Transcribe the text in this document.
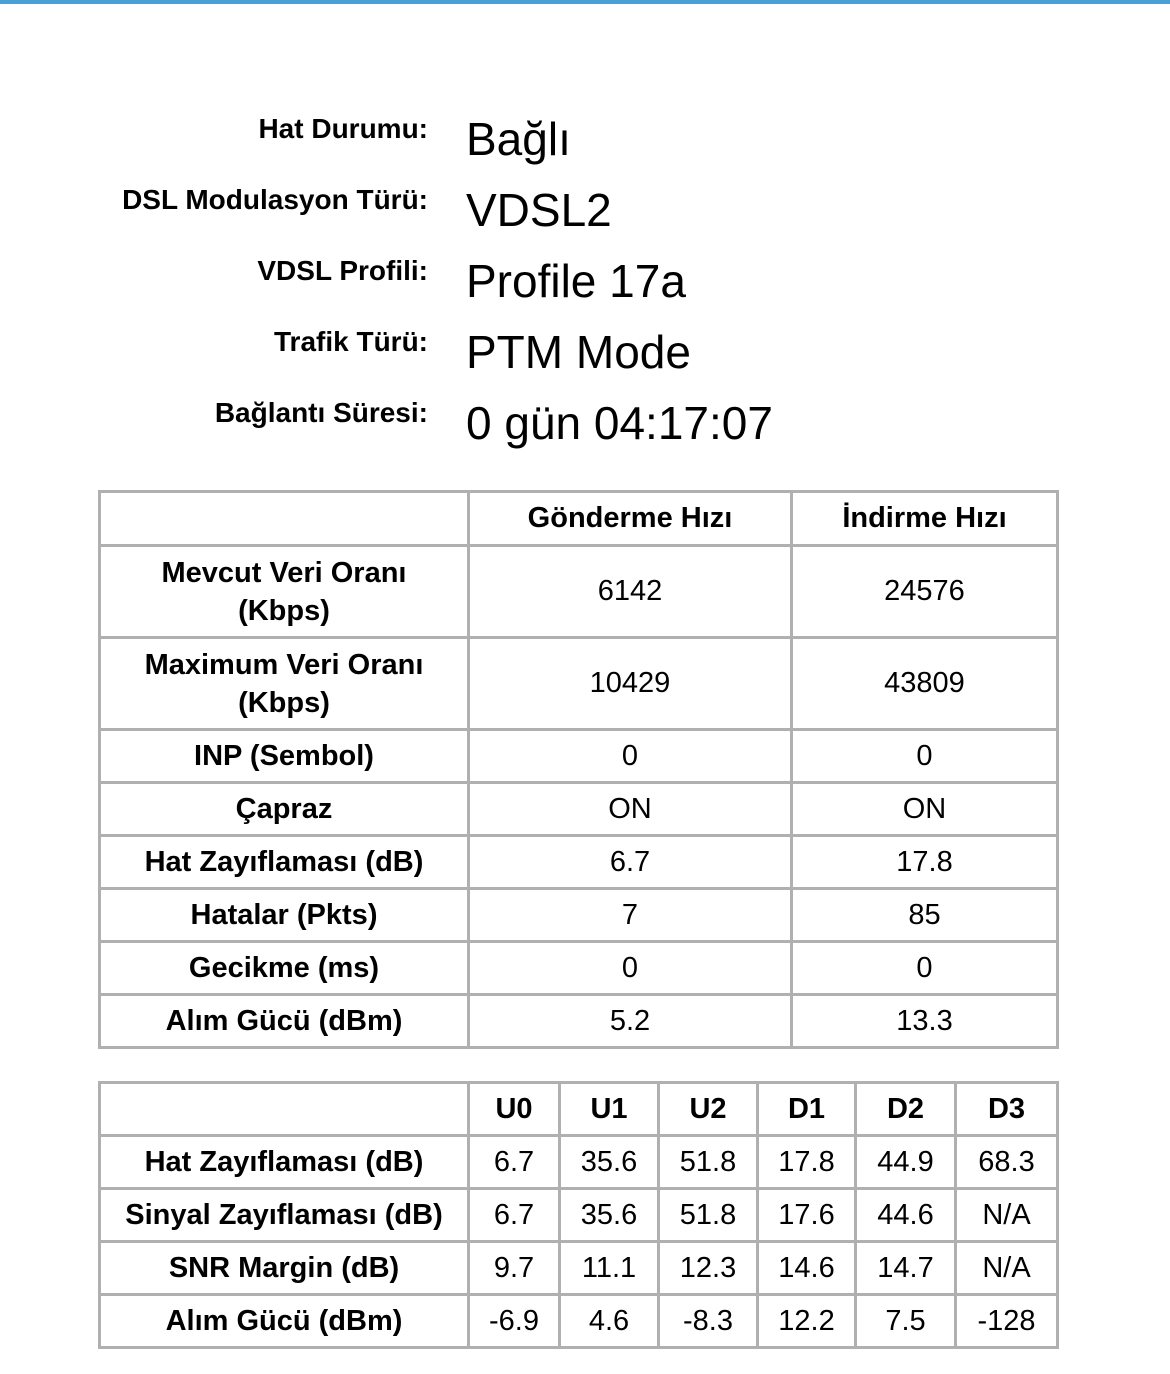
Hat Durumu: Bağlı
DSL Modulasyon Türü: VDSL2
VDSL Profili: Profile 17a
Trafik Türü: PTM Mode
Bağlantı Süresi: 0 gün 04:17:07
	Gönderme Hızı	İndirme Hızı
Mevcut Veri Oranı
(Kbps)	6142	24576
Maximum Veri Oranı
(Kbps)	10429	43809
INP (Sembol)	0	0
Çapraz	ON	ON
Hat Zayıflaması (dB)	6.7	17.8
Hatalar (Pkts)	7	85
Gecikme (ms)	0	0
Alım Gücü (dBm)	5.2	13.3
	U0	U1	U2	D1	D2	D3
Hat Zayıflaması (dB)	6.7	35.6	51.8	17.8	44.9	68.3
Sinyal Zayıflaması (dB)	6.7	35.6	51.8	17.6	44.6	N/A
SNR Margin (dB)	9.7	11.1	12.3	14.6	14.7	N/A
Alım Gücü (dBm)	-6.9	4.6	-8.3	12.2	7.5	-128
